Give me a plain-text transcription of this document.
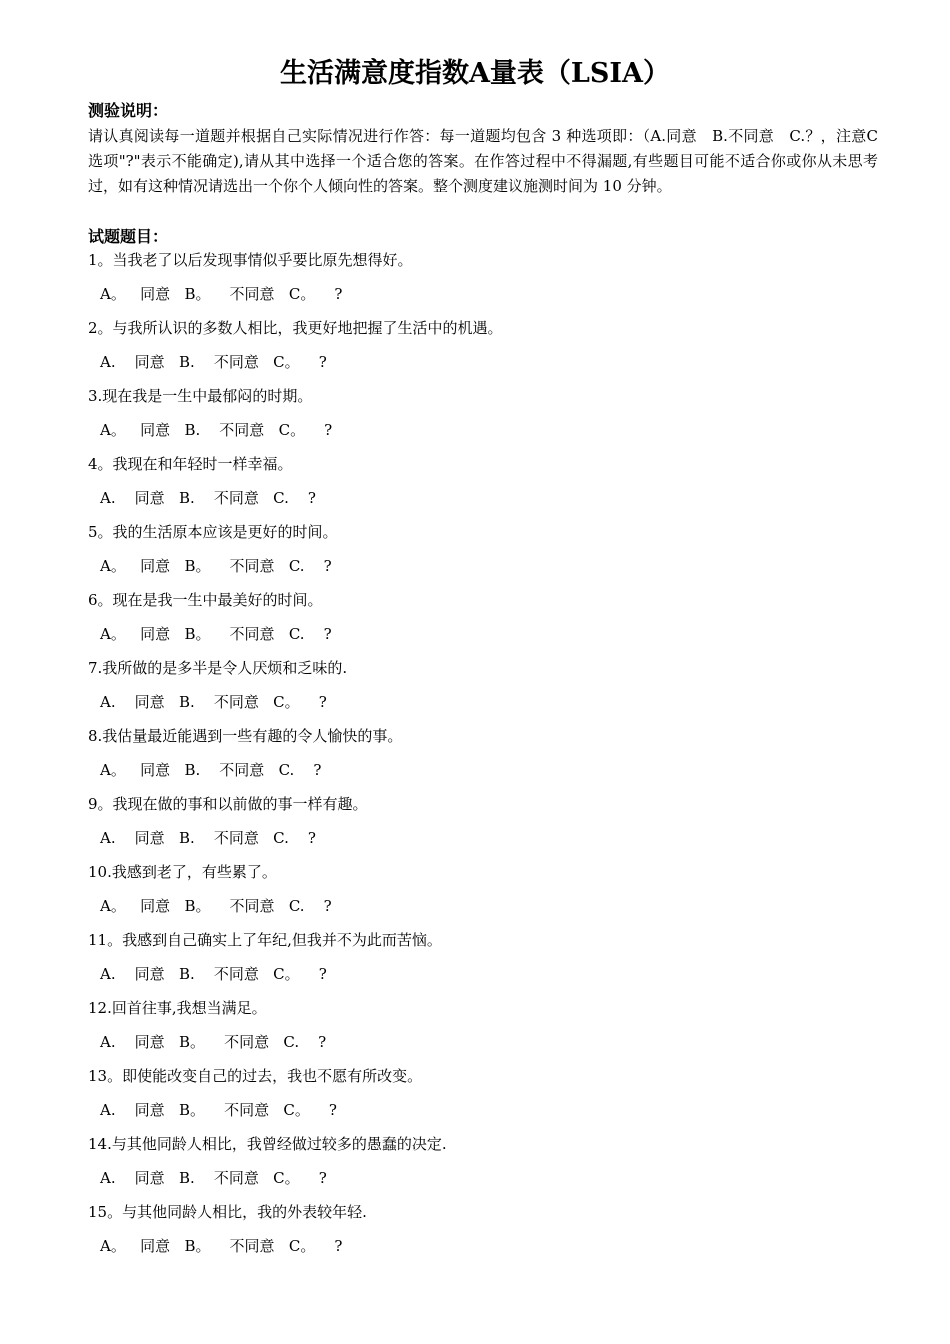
生活满意度指数A量表（LSIA）
测验说明：
请认真阅读每一道题并根据自己实际情况进行作答：每一道题均包含 3 种选项即：（A.同意　B.不同意　C.？，注意C选项"?"表示不能确定),请从其中选择一个适合您的答案。在作答过程中不得漏题,有些题目可能不适合你或你从未思考过，如有这种情况请选出一个你个人倾向性的答案。整个测度建议施测时间为 10 分钟。
试题题目：
1。当我老了以后发现事情似乎要比原先想得好。
A。   同意   B。    不同意   C。    ?
2。与我所认识的多数人相比，我更好地把握了生活中的机遇。
A.    同意   B.    不同意   C。    ?
3.现在我是一生中最郁闷的时期。
A。   同意   B.    不同意   C。    ?
4。我现在和年轻时一样幸福。
A.    同意   B.    不同意   C.    ?
5。我的生活原本应该是更好的时间。
A。   同意   B。    不同意   C.    ?
6。现在是我一生中最美好的时间。
A。   同意   B。    不同意   C.    ?
7.我所做的是多半是令人厌烦和乏味的.
A.    同意   B.    不同意   C。    ?
8.我估量最近能遇到一些有趣的令人愉快的事。
A。   同意   B.    不同意   C.    ?
9。我现在做的事和以前做的事一样有趣。
A.    同意   B.    不同意   C.    ?
10.我感到老了，有些累了。
A。   同意   B。    不同意   C.    ?
11。我感到自己确实上了年纪,但我并不为此而苦恼。
A.    同意   B.    不同意   C。    ?
12.回首往事,我想当满足。
A.    同意   B。    不同意   C.    ?
13。即使能改变自己的过去，我也不愿有所改变。
A.    同意   B。    不同意   C。    ?
14.与其他同龄人相比，我曾经做过较多的愚蠢的决定.
A.    同意   B.    不同意   C。    ?
15。与其他同龄人相比，我的外表较年轻.
A。   同意   B。    不同意   C。    ?
